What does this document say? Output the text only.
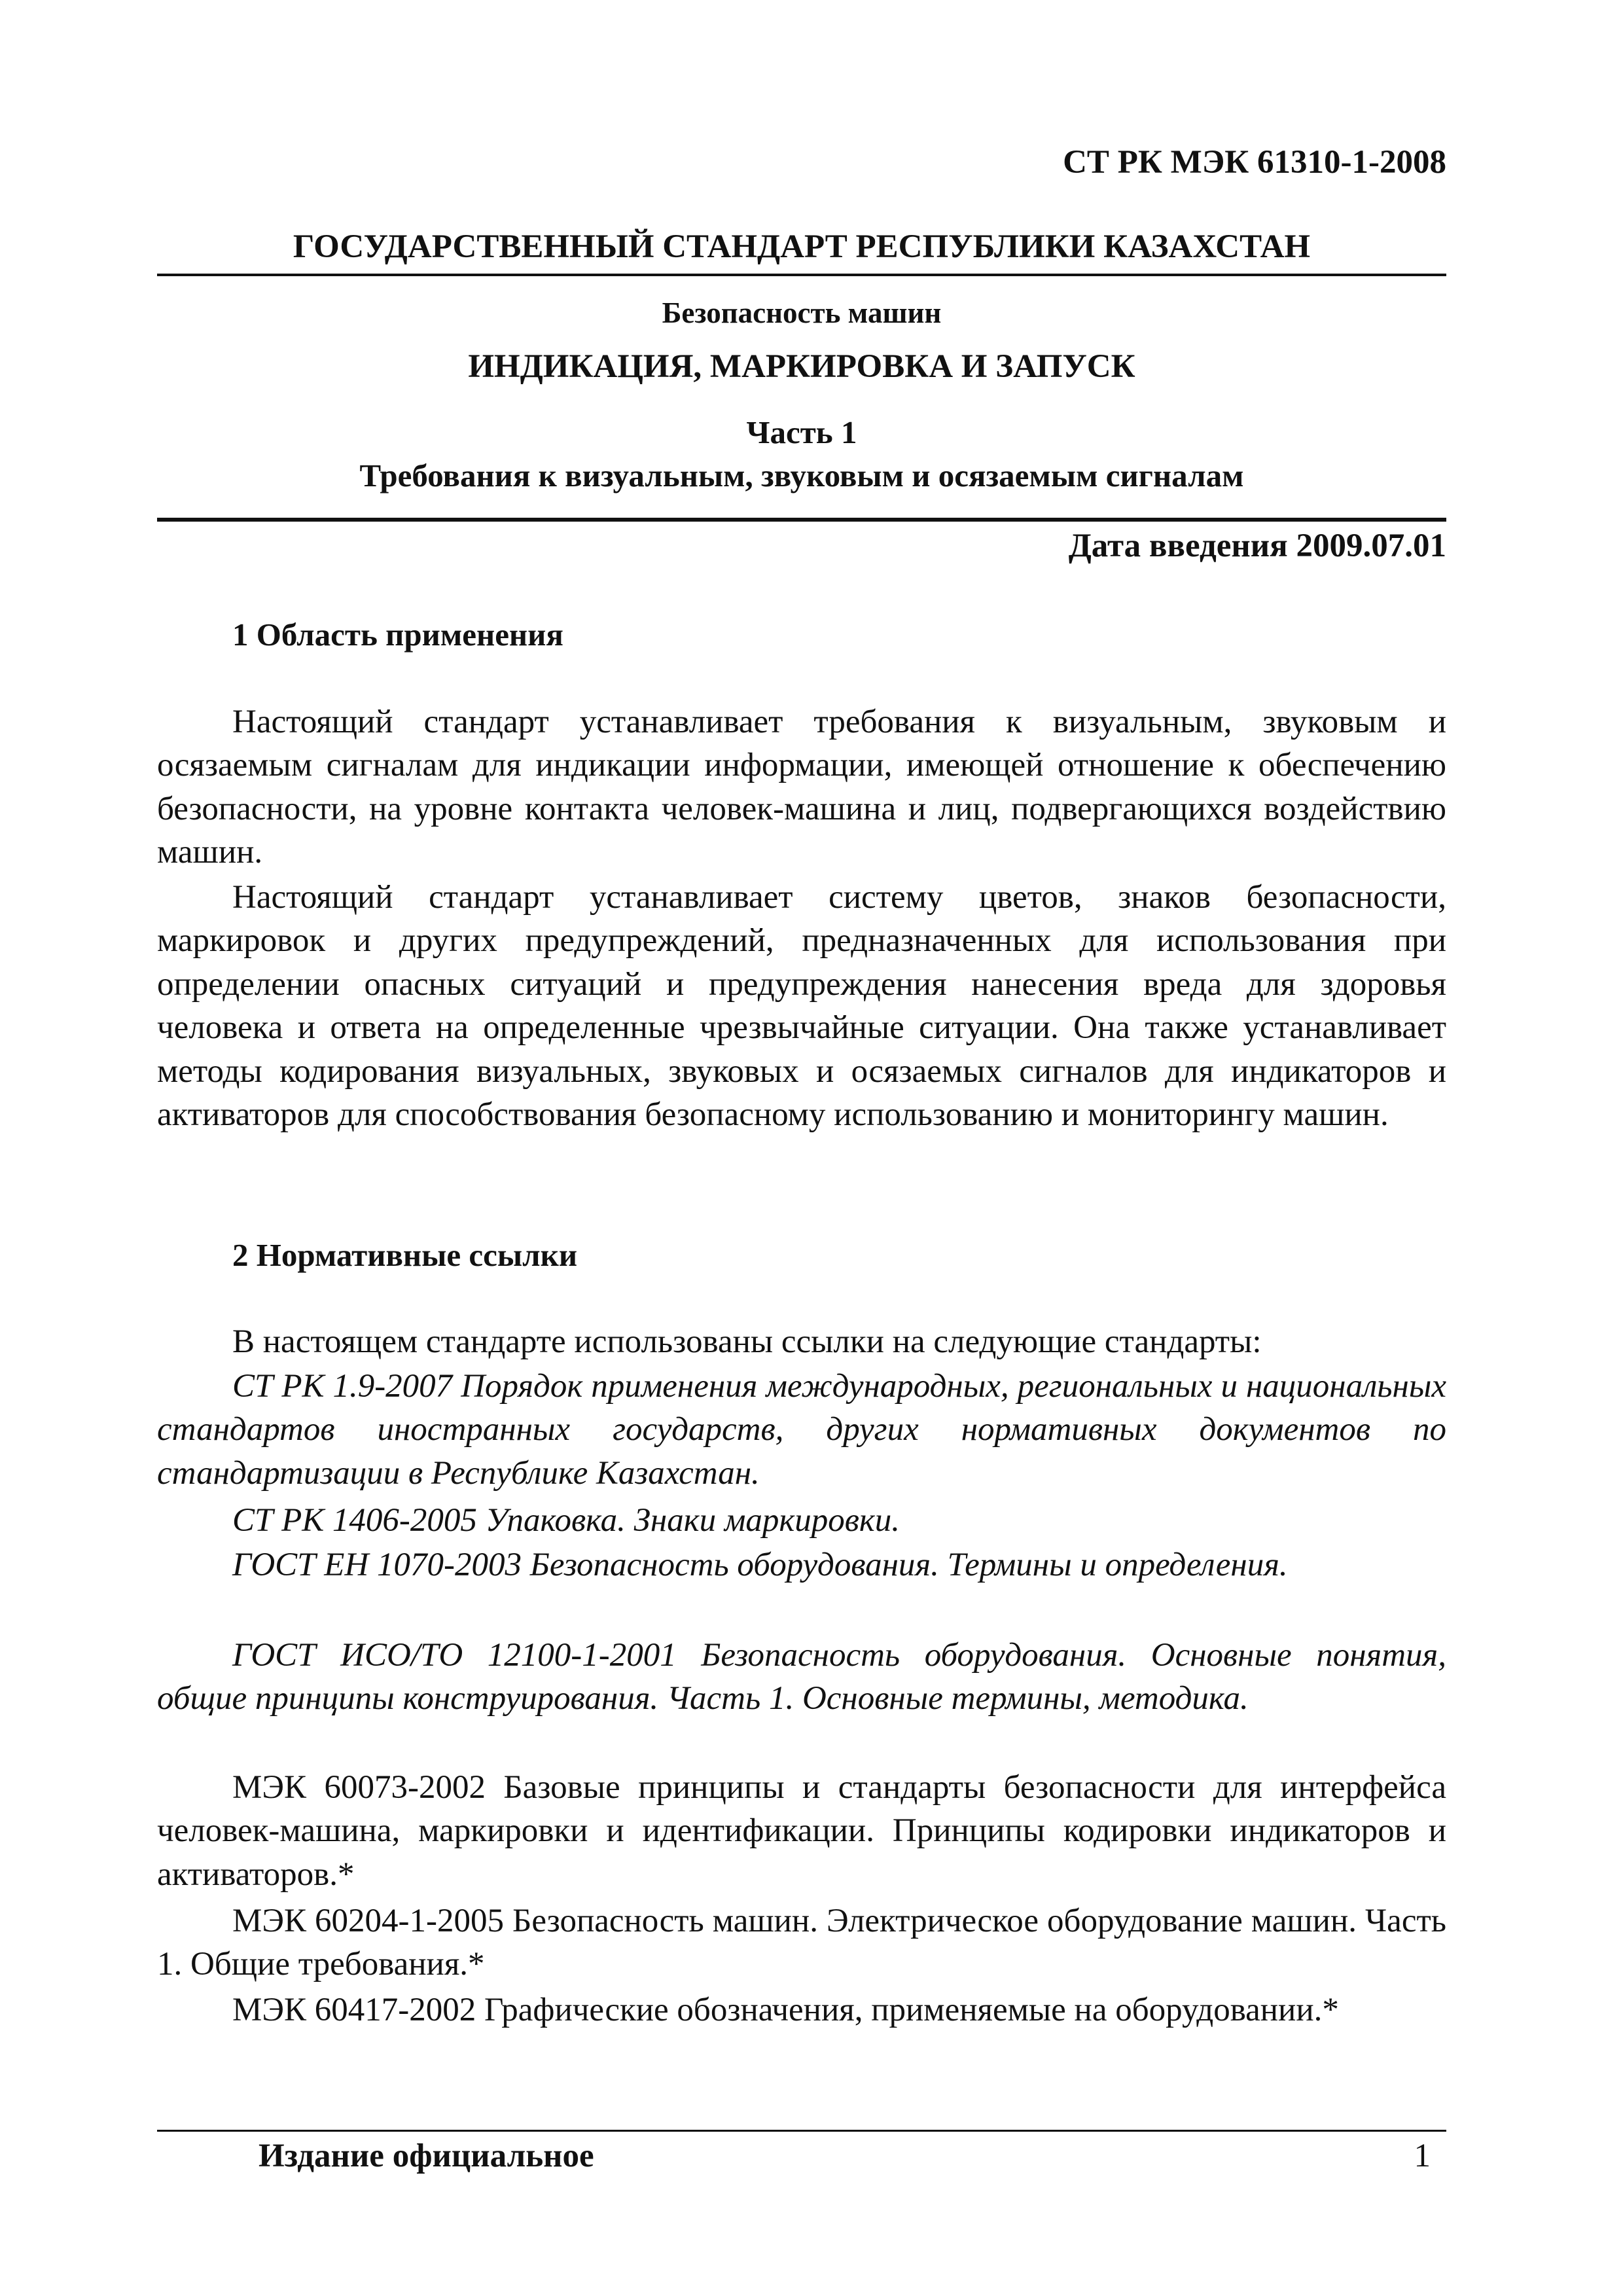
СТ РК МЭК 61310-1-2008
ГОСУДАРСТВЕННЫЙ СТАНДАРТ РЕСПУБЛИКИ КАЗАХСТАН
Безопасность машин
ИНДИКАЦИЯ, МАРКИРОВКА И ЗАПУСК
Часть 1
Требования к визуальным, звуковым и осязаемым сигналам
Дата введения 2009.07.01
1 Область применения

Настоящий стандарт устанавливает требования к визуальным, звуковым и осязаемым сигналам для индикации информации, имеющей отношение к обеспечению безопасности, на уровне контакта человек-машина и лиц, подвергающихся воздействию машин.

Настоящий стандарт устанавливает систему цветов, знаков безопасности, маркировок и других предупреждений, предназначенных для использования при определении опасных ситуаций и предупреждения нанесения вреда для здоровья человека и ответа на определенные чрезвычайные ситуации. Она также устанавливает методы кодирования визуальных, звуковых и осязаемых сигналов для индикаторов и активаторов для способствования безопасному использованию и мониторингу машин.

2 Нормативные ссылки

В настоящем стандарте использованы ссылки на следующие стандарты:

СТ РК 1.9-2007 Порядок применения международных, региональных и национальных стандартов иностранных государств, других нормативных документов по стандартизации в Республике Казахстан.

СТ РК 1406-2005 Упаковка. Знаки маркировки.

ГОСТ ЕН 1070-2003 Безопасность оборудования. Термины и определения.

ГОСТ ИСО/ТО 12100-1-2001 Безопасность оборудования. Основные понятия, общие принципы конструирования. Часть 1. Основные термины, методика.

МЭК 60073-2002 Базовые принципы и стандарты безопасности для интерфейса человек-машина, маркировки и идентификации. Принципы кодировки индикаторов и активаторов.*

МЭК 60204-1-2005 Безопасность машин. Электрическое оборудование машин. Часть 1. Общие требования.*

МЭК 60417-2002 Графические обозначения, применяемые на оборудовании.*

Издание официальное	1
